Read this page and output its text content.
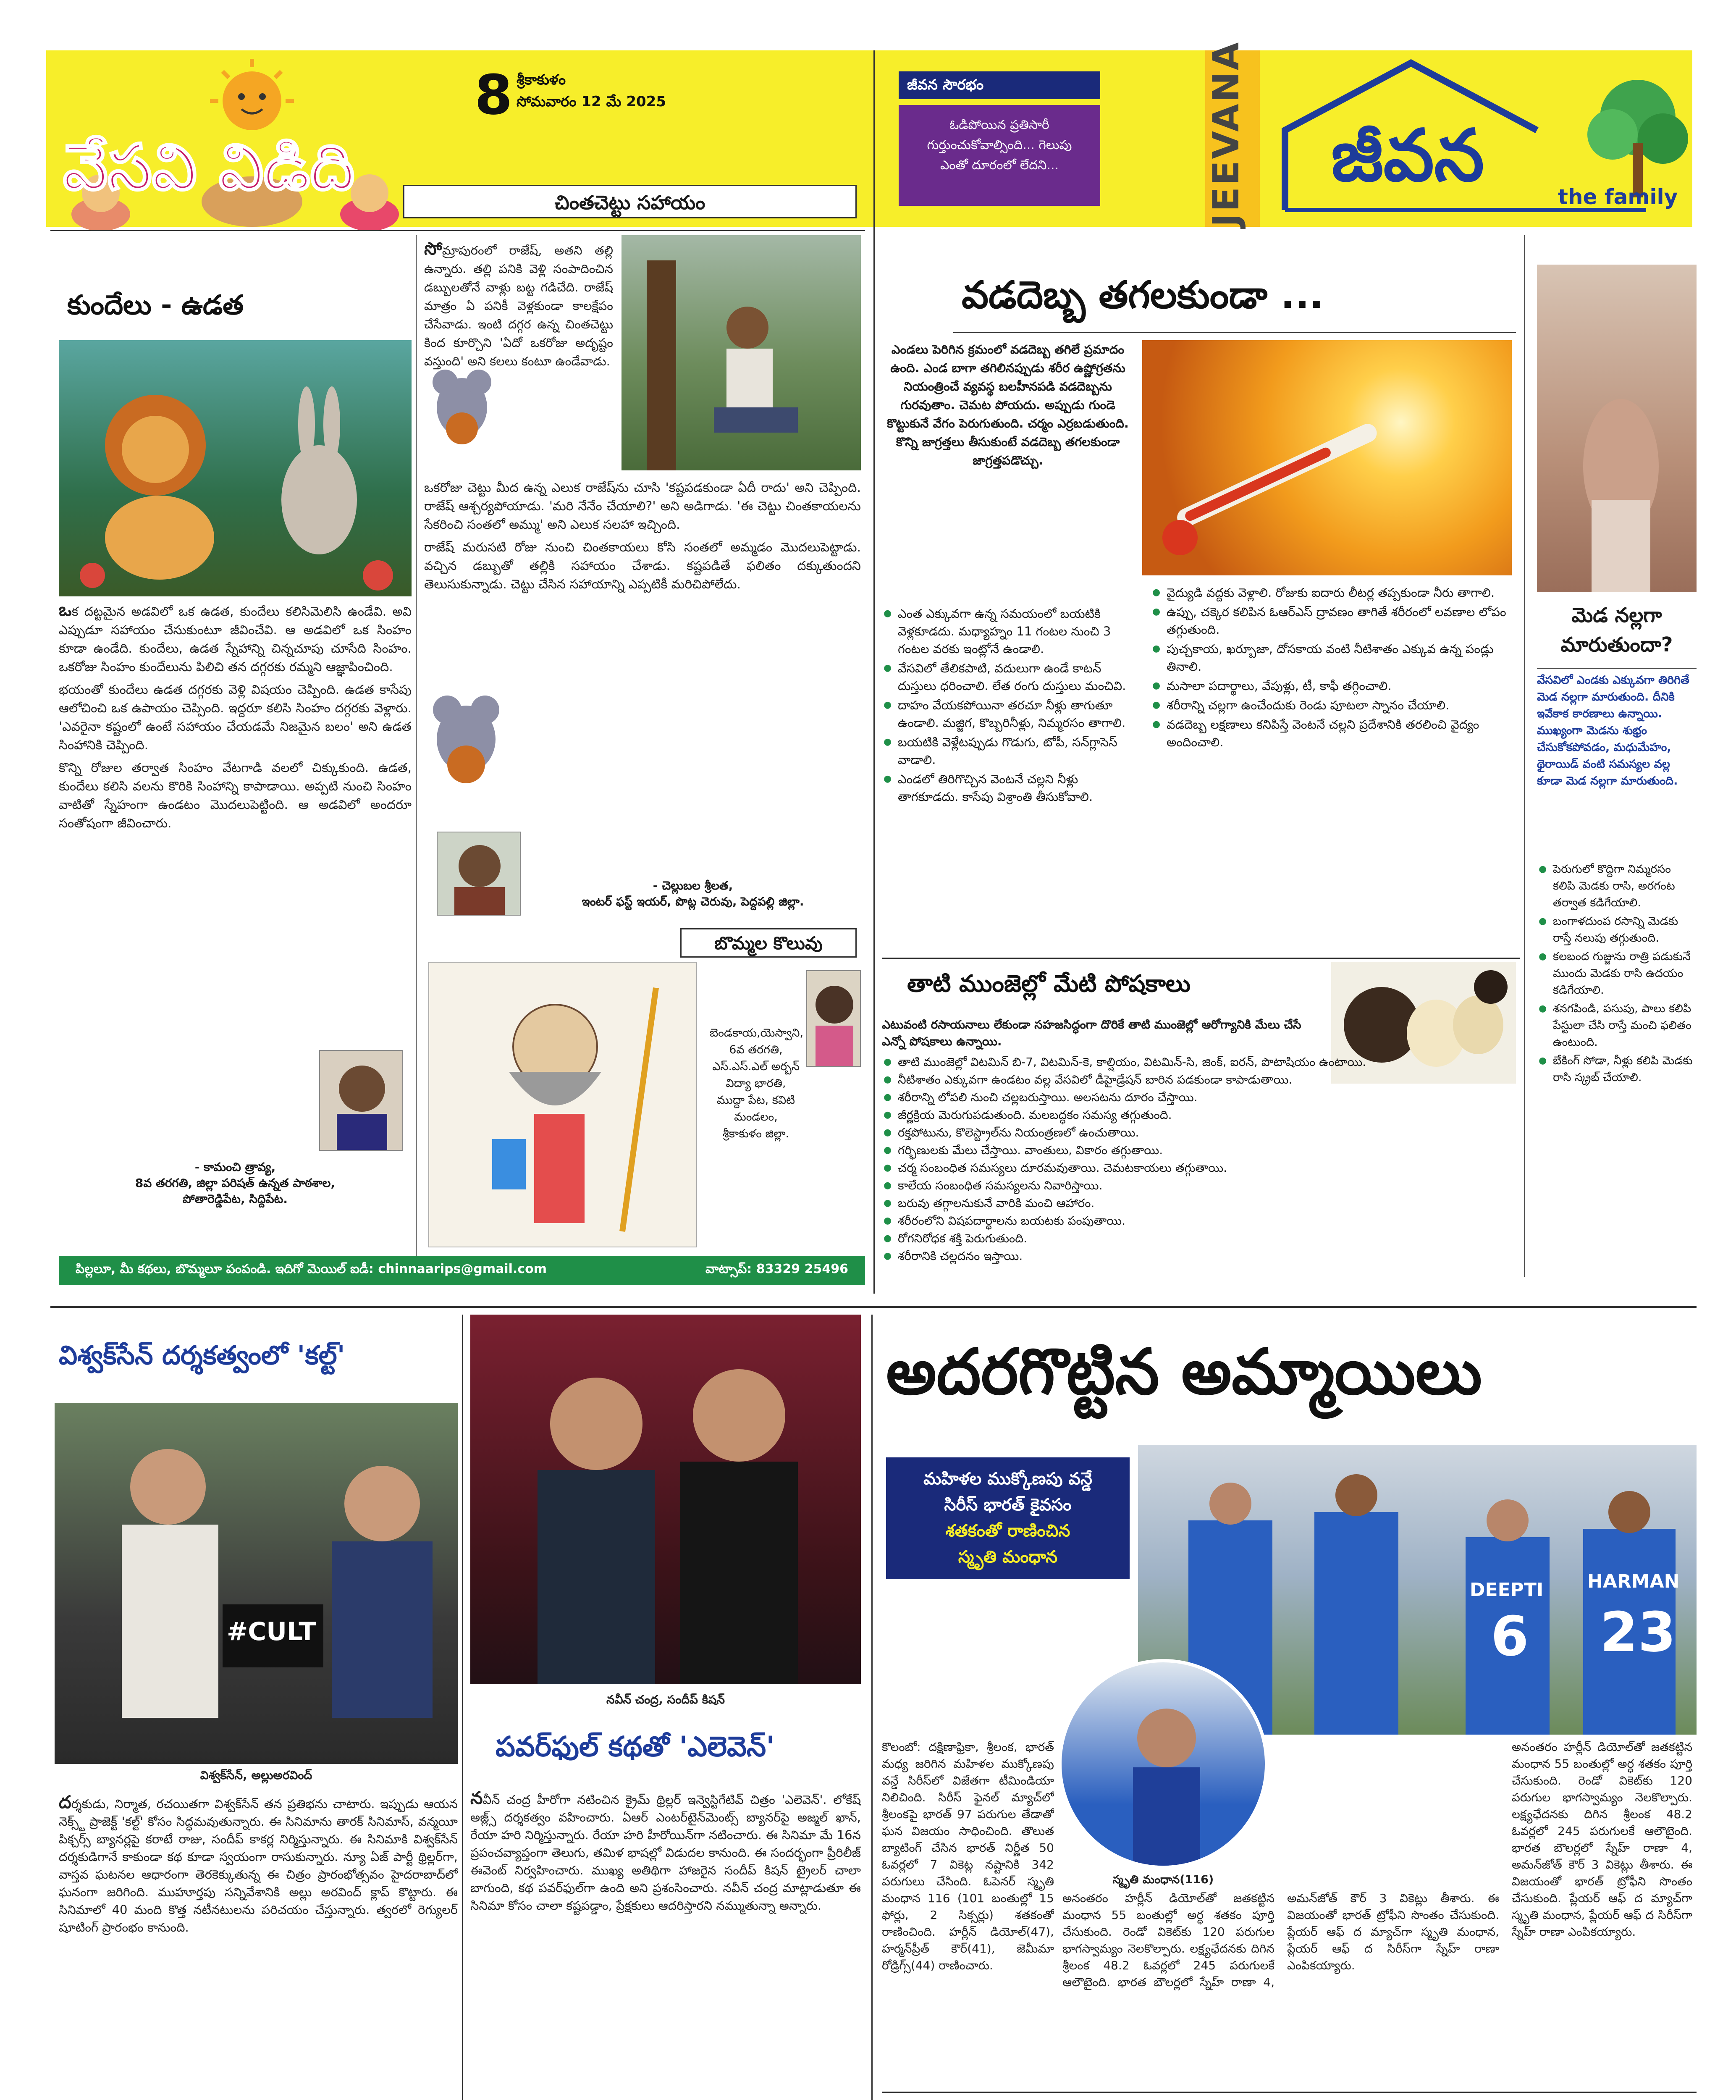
వేసవి విడిది
8 శ్రీకాకుళం
సోమవారం 12 మే 2025
జీవన సౌరభం
ఓడిపోయిన ప్రతిసారీ గుర్తుంచుకోవాల్సింది... గెలుపు ఎంతో దూరంలో లేదని...	JEEVANA జీవన	the family
చింతచెట్టు సహాయం
కుందేలు - ఉడత

ఒక దట్టమైన అడవిలో ఒక ఉడత, కుందేలు కలిసిమెలిసి ఉండేవి. అవి ఎప్పుడూ సహాయం చేసుకుంటూ జీవించేవి. ఆ అడవిలో ఒక సింహం కూడా ఉండేది. కుందేలు, ఉడత స్నేహాన్ని చిన్నచూపు చూసేది సింహం. ఒకరోజు సింహం కుందేలును పిలిచి తన దగ్గరకు రమ్మని ఆజ్ఞాపించింది.

భయంతో కుందేలు ఉడత దగ్గరకు వెళ్లి విషయం చెప్పింది. ఉడత కాసేపు ఆలోచించి ఒక ఉపాయం చెప్పింది. ఇద్దరూ కలిసి సింహం దగ్గరకు వెళ్లారు. 'ఎవరైనా కష్టంలో ఉంటే సహాయం చేయడమే నిజమైన బలం' అని ఉడత సింహానికి చెప్పింది.

కొన్ని రోజుల తర్వాత సింహం వేటగాడి వలలో చిక్కుకుంది. ఉడత, కుందేలు కలిసి వలను కొరికి సింహాన్ని కాపాడాయి. అప్పటి నుంచి సింహం వాటితో స్నేహంగా ఉండటం మొదలుపెట్టింది. ఆ అడవిలో అందరూ సంతోషంగా జీవించారు.

- కామంచి త్రావ్య,
8వ తరగతి, జిల్లా పరిషత్ ఉన్నత పాఠశాల,
పోతారెడ్డిపేట, సిద్దిపేట.

సోమ్రాపురంలో రాజేష్, అతని తల్లి ఉన్నారు. తల్లి పనికి వెళ్లి సంపాదించిన డబ్బులతోనే వాళ్లు బట్ట గడిచేది. రాజేష్ మాత్రం ఏ పనికీ వెళ్లకుండా కాలక్షేపం చేసేవాడు. ఇంటి దగ్గర ఉన్న చింతచెట్టు కింద కూర్చొని 'ఏదో ఒకరోజు అదృష్టం వస్తుంది' అని కలలు కంటూ ఉండేవాడు.

ఒకరోజు చెట్టు మీద ఉన్న ఎలుక రాజేష్‌ను చూసి 'కష్టపడకుండా ఏదీ రాదు' అని చెప్పింది. రాజేష్ ఆశ్చర్యపోయాడు. 'మరి నేనేం చేయాలి?' అని అడిగాడు. 'ఈ చెట్టు చింతకాయలను సేకరించి సంతలో అమ్ము' అని ఎలుక సలహా ఇచ్చింది.

రాజేష్ మరుసటి రోజు నుంచి చింతకాయలు కోసి సంతలో అమ్మడం మొదలుపెట్టాడు. వచ్చిన డబ్బుతో తల్లికి సహాయం చేశాడు. కష్టపడితే ఫలితం దక్కుతుందని తెలుసుకున్నాడు. చెట్టు చేసిన సహాయాన్ని ఎప్పటికీ మరిచిపోలేదు.

- చెల్లుబల శ్రీలత,
ఇంటర్ ఫస్ట్ ఇయర్, పొట్ల చెరువు, పెద్దపల్లి జిల్లా.
బొమ్మల కొలువు
బెండకాయ,యెస్వాని,
6వ తరగతి,
ఎస్.ఎస్.ఎల్ అర్బన్ విద్యా భారతి,
ముద్దా పేట, కవిటి మండలం,
శ్రీకాకుళం జిల్లా.
పిల్లలూ, మీ కథలు, బొమ్మలూ పంపండి. ఇదిగో మెయిల్ ఐడీ: chinnaarips@gmail.com	వాట్సాప్: 83329 25496
వడదెబ్బ తగలకుండా ...
ఎండలు పెరిగిన క్రమంలో వడదెబ్బ తగిలే ప్రమాదం ఉంది. ఎండ బాగా తగిలినప్పుడు శరీర ఉష్ణోగ్రతను నియంత్రించే వ్యవస్థ బలహీనపడి వడదెబ్బను గురవుతాం. చెమట పోయదు. అప్పుడు గుండె కొట్టుకునే వేగం పెరుగుతుంది. చర్మం ఎర్రబడుతుంది. కొన్ని జాగ్రత్తలు తీసుకుంటే వడదెబ్బ తగలకుండా జాగ్రత్తపడొచ్చు.
● ఎంత ఎక్కువగా ఉన్న సమయంలో బయటికి వెళ్లకూడదు. మధ్యాహ్నం 11 గంటల నుంచి 3 గంటల వరకు ఇంట్లోనే ఉండాలి.
● వేసవిలో తేలికపాటి, వదులుగా ఉండే కాటన్ దుస్తులు ధరించాలి. లేత రంగు దుస్తులు మంచివి.
● దాహం వేయకపోయినా తరచూ నీళ్లు తాగుతూ ఉండాలి. మజ్జిగ, కొబ్బరినీళ్లు, నిమ్మరసం తాగాలి.
● బయటికి వెళ్లేటప్పుడు గొడుగు, టోపీ, సన్‌గ్లాసెస్ వాడాలి.
● ఎండలో తిరిగొచ్చిన వెంటనే చల్లని నీళ్లు తాగకూడదు. కాసేపు విశ్రాంతి తీసుకోవాలి.
● వైద్యుడి వద్దకు వెళ్లాలి. రోజుకు ఐదారు లీటర్ల తప్పకుండా నీరు తాగాలి.
● ఉప్పు, చక్కెర కలిపిన ఓఆర్‌ఎస్ ద్రావణం తాగితే శరీరంలో లవణాల లోపం తగ్గుతుంది.
● పుచ్చకాయ, ఖర్బూజా, దోసకాయ వంటి నీటిశాతం ఎక్కువ ఉన్న పండ్లు తినాలి.
● మసాలా పదార్థాలు, వేపుళ్లు, టీ, కాఫీ తగ్గించాలి.
● శరీరాన్ని చల్లగా ఉంచేందుకు రెండు పూటలా స్నానం చేయాలి.
● వడదెబ్బ లక్షణాలు కనిపిస్తే వెంటనే చల్లని ప్రదేశానికి తరలించి వైద్యం అందించాలి.
తాటి ముంజెల్లో మేటి పోషకాలు
ఎటువంటి రసాయనాలు లేకుండా సహజసిద్ధంగా దొరికే తాటి ముంజెల్లో ఆరోగ్యానికి మేలు చేసే ఎన్నో పోషకాలు ఉన్నాయి.
● తాటి ముంజెల్లో విటమిన్ బి-7, విటమిన్-కె, కాల్షియం, విటమిన్-సి, జింక్, ఐరన్, పొటాషియం ఉంటాయి.
● నీటిశాతం ఎక్కువగా ఉండటం వల్ల వేసవిలో డీహైడ్రేషన్ బారిన పడకుండా కాపాడుతాయి.
● శరీరాన్ని లోపలి నుంచి చల్లబరుస్తాయి. అలసటను దూరం చేస్తాయి.
● జీర్ణక్రియ మెరుగుపడుతుంది. మలబద్ధకం సమస్య తగ్గుతుంది.
● రక్తపోటును, కొలెస్ట్రాల్‌ను నియంత్రణలో ఉంచుతాయి.
● గర్భిణులకు మేలు చేస్తాయి. వాంతులు, వికారం తగ్గుతాయి.
● చర్మ సంబంధిత సమస్యలు దూరమవుతాయి. చెమటకాయలు తగ్గుతాయి.
● కాలేయ సంబంధిత సమస్యలను నివారిస్తాయి.
● బరువు తగ్గాలనుకునే వారికి మంచి ఆహారం.
● శరీరంలోని విషపదార్థాలను బయటకు పంపుతాయి.
● రోగనిరోధక శక్తి పెరుగుతుంది.
● శరీరానికి చల్లదనం ఇస్తాయి.
మెడ నల్లగా మారుతుందా?
వేసవిలో ఎండకు ఎక్కువగా తిరిగితే మెడ నల్లగా మారుతుంది. దీనికి ఇవేకాక కారణాలు ఉన్నాయి. ముఖ్యంగా మెడను శుభ్రం చేసుకోకపోవడం, మధుమేహం, థైరాయిడ్ వంటి సమస్యల వల్ల కూడా మెడ నల్లగా మారుతుంది.
● పెరుగులో కొద్దిగా నిమ్మరసం కలిపి మెడకు రాసి, అరగంట తర్వాత కడిగేయాలి.
● బంగాళదుంప రసాన్ని మెడకు రాస్తే నలుపు తగ్గుతుంది.
● కలబంద గుజ్జును రాత్రి పడుకునే ముందు మెడకు రాసి ఉదయం కడిగేయాలి.
● శనగపిండి, పసుపు, పాలు కలిపి పేస్టులా చేసి రాస్తే మంచి ఫలితం ఉంటుంది.
● బేకింగ్ సోడా, నీళ్లు కలిపి మెడకు రాసి స్క్రబ్ చేయాలి.
విశ్వక్‌సేన్ దర్శకత్వంలో 'కల్ట్'
#CULT
విశ్వక్‌సేన్, అల్లుఅరవింద్
దర్శకుడు, నిర్మాత, రచయితగా విశ్వక్‌సేన్ తన ప్రతిభను చాటారు. ఇప్పుడు ఆయన నెక్స్ట్ ప్రాజెక్ట్ 'కల్ట్' కోసం సిద్ధమవుతున్నారు. ఈ సినిమాను తారక్ సినిమాస్, వన్మయీ పిక్చర్స్ బ్యానర్లపై కరాటే రాజు, సందీప్ కాకర్ల నిర్మిస్తున్నారు. ఈ సినిమాకి విశ్వక్‌సేన్ దర్శకుడిగానే కాకుండా కథ కూడా స్వయంగా రాసుకున్నారు. న్యూ ఏజ్ పార్టీ థ్రిల్లర్‌గా, వాస్తవ ఘటనల ఆధారంగా తెరకెక్కుతున్న ఈ చిత్రం ప్రారంభోత్సవం హైదరాబాద్‌లో ఘనంగా జరిగింది. ముహూర్తపు సన్నివేశానికి అల్లు అరవింద్ క్లాప్ కొట్టారు. ఈ సినిమాలో 40 మంది కొత్త నటీనటులను పరిచయం చేస్తున్నారు. త్వరలో రెగ్యులర్ షూటింగ్ ప్రారంభం కానుంది.
నవీన్ చంద్ర, సందీప్ కిషన్
పవర్‌ఫుల్ కథతో 'ఎలెవెన్'
నవీన్ చంద్ర హీరోగా నటించిన క్రైమ్ థ్రిల్లర్ ఇన్వెస్టిగేటివ్ చిత్రం 'ఎలెవెన్'. లోకేష్ అజ్ల్స్ దర్శకత్వం వహించారు. ఏఆర్ ఎంటర్‌టైన్‌మెంట్స్ బ్యానర్‌పై అజ్మల్ ఖాన్, రేయా హరి నిర్మిస్తున్నారు. రేయా హరి హీరోయిన్‌గా నటించారు. ఈ సినిమా మే 16న ప్రపంచవ్యాప్తంగా తెలుగు, తమిళ భాషల్లో విడుదల కానుంది. ఈ సందర్భంగా ప్రీరిలీజ్ ఈవెంట్ నిర్వహించారు. ముఖ్య అతిథిగా హాజరైన సందీప్ కిషన్ ట్రైలర్ చాలా బాగుంది, కథ పవర్‌ఫుల్‌గా ఉంది అని ప్రశంసించారు. నవీన్ చంద్ర మాట్లాడుతూ ఈ సినిమా కోసం చాలా కష్టపడ్డాం, ప్రేక్షకులు ఆదరిస్తారని నమ్ముతున్నా అన్నారు.
అదరగొట్టిన అమ్మాయిలు
మహిళల ముక్కోణపు వన్డే
సిరీస్ భారత్ కైవసం
శతకంతో రాణించిన
స్మృతి మంధాన
DEEPTI HARMAN
6 23
స్మృతి మంధాన(116)
కొలంబో: దక్షిణాఫ్రికా, శ్రీలంక, భారత్ మధ్య జరిగిన మహిళల ముక్కోణపు వన్డే సిరీస్‌లో విజేతగా టీమిండియా నిలిచింది. సిరీస్ ఫైనల్ మ్యాచ్‌లో శ్రీలంకపై భారత్ 97 పరుగుల తేడాతో ఘన విజయం సాధించింది. తొలుత బ్యాటింగ్ చేసిన భారత్ నిర్ణీత 50 ఓవర్లలో 7 వికెట్ల నష్టానికి 342 పరుగులు చేసింది. ఓపెనర్ స్మృతి మంధాన 116 (101 బంతుల్లో 15 ఫోర్లు, 2 సిక్సర్లు) శతకంతో రాణించింది. హర్లీన్ డియోల్(47), హర్మన్‌ప్రీత్ కౌర్(41), జెమీమా రోడ్రిగ్స్(44) రాణించారు.
అనంతరం హర్లీన్ డియోల్‌తో జతకట్టిన మంధాన 55 బంతుల్లో అర్ధ శతకం పూర్తి చేసుకుంది. రెండో వికెట్‌కు 120 పరుగుల భాగస్వామ్యం నెలకొల్పారు. లక్ష్యఛేదనకు దిగిన శ్రీలంక 48.2 ఓవర్లలో 245 పరుగులకే ఆలౌటైంది. భారత బౌలర్లలో స్నేహ్ రాణా 4, అమన్‌జోత్ కౌర్ 3 వికెట్లు తీశారు. ఈ విజయంతో భారత్ ట్రోఫీని సొంతం చేసుకుంది. ప్లేయర్ ఆఫ్ ద మ్యాచ్‌గా స్మృతి మంధాన, ప్లేయర్ ఆఫ్ ద సిరీస్‌గా స్నేహ్ రాణా ఎంపికయ్యారు.
అనంతరం హర్లీన్ డియోల్‌తో జతకట్టిన మంధాన 55 బంతుల్లో అర్ధ శతకం పూర్తి చేసుకుంది. రెండో వికెట్‌కు 120 పరుగుల భాగస్వామ్యం నెలకొల్పారు. లక్ష్యఛేదనకు దిగిన శ్రీలంక 48.2 ఓవర్లలో 245 పరుగులకే ఆలౌటైంది. భారత బౌలర్లలో స్నేహ్ రాణా 4, అమన్‌జోత్ కౌర్ 3 వికెట్లు తీశారు. ఈ విజయంతో భారత్ ట్రోఫీని సొంతం చేసుకుంది. ప్లేయర్ ఆఫ్ ద మ్యాచ్‌గా స్మృతి మంధాన, ప్లేయర్ ఆఫ్ ద సిరీస్‌గా స్నేహ్ రాణా ఎంపికయ్యారు.
